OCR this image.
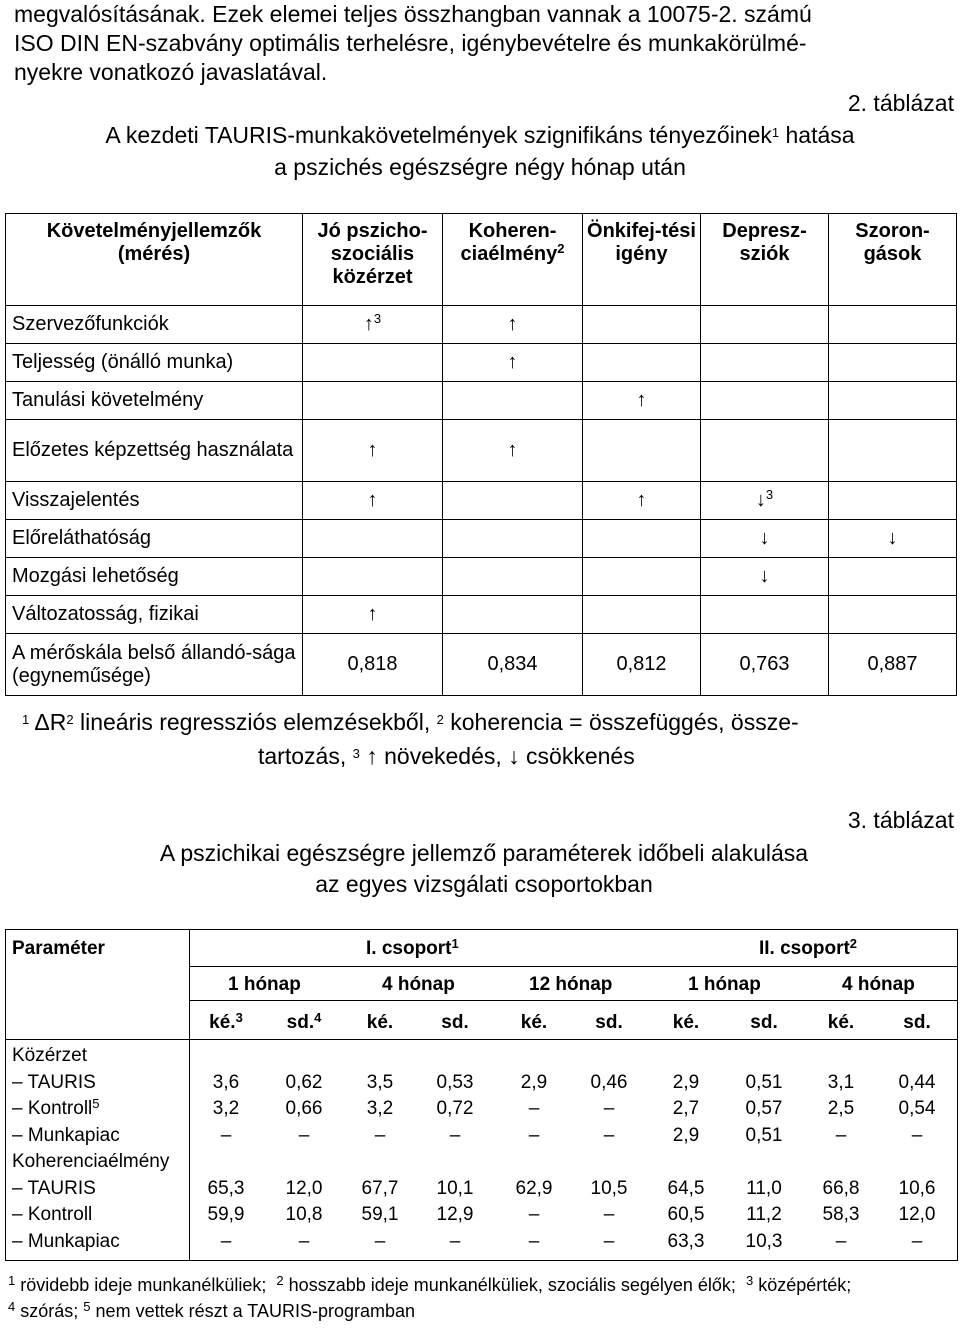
megvalósításának. Ezek elemei teljes összhangban vannak a 10075-2. számú
ISO DIN EN-szabvány optimális terhelésre, igénybevételre és munkakörülmé-
nyekre vonatkozó javaslatával.
2. táblázat
A kezdeti TAURIS-munkakövetelmények szignifikáns tényezőinek$^1$ hatása
a pszichés egészségre négy hónap után
Követelményjellemzők (mérés)	Jó pszicho-szociális közérzet	Koheren-ciaélmény$^2$	Önkifej-tési igény	Depresz-sziók	Szoron-gások
Szervezőfunkciók	↑$^3$	↑			
Teljesség (önálló munka)		↑			
Tanulási követelmény			↑		
Előzetes képzettség használata	↑	↑			
Visszajelentés	↑		↑	↓$^3$	
Előreláthatóság				↓	↓
Mozgási lehetőség				↓	
Változatosság, fizikai	↑				
A mérőskála belső állandó-sága (egyneműsége)	0,818	0,834	0,812	0,763	0,887
$^1$ $\Delta R^2$ lineáris regressziós elemzésekből, $^2$ koherencia = összefüggés, össze-
tartozás, $^3$ ↑ növekedés, ↓ csökkenés
3. táblázat
A pszichikai egészségre jellemző paraméterek időbeli alakulása
az egyes vizsgálati csoportokban
Paraméter	I. csoport$^1$	II. csoport$^2$
1 hónap	4 hónap	12 hónap	1 hónap	4 hónap
ké.$^3$	sd.$^4$	ké.	sd.	ké.	sd.	ké.	sd.	ké.	sd.
Közérzet
– TAURIS	3,6	0,62	3,5	0,53	2,9	0,46	2,9	0,51	3,1	0,44
– Kontroll$^5$	3,2	0,66	3,2	0,72	–	–	2,7	0,57	2,5	0,54
– Munkapiac	–	–	–	–	–	–	2,9	0,51	–	–
Koherenciaélmény
– TAURIS	65,3	12,0	67,7	10,1	62,9	10,5	64,5	11,0	66,8	10,6
– Kontroll	59,9	10,8	59,1	12,9	–	–	60,5	11,2	58,3	12,0
– Munkapiac	–	–	–	–	–	–	63,3	10,3	–	–
$^1$ rövidebb ideje munkanélküliek; $^2$ hosszabb ideje munkanélküliek, szociális segélyen élők; $^3$ középérték;
$^4$ szórás; $^5$ nem vettek részt a TAURIS-programban
